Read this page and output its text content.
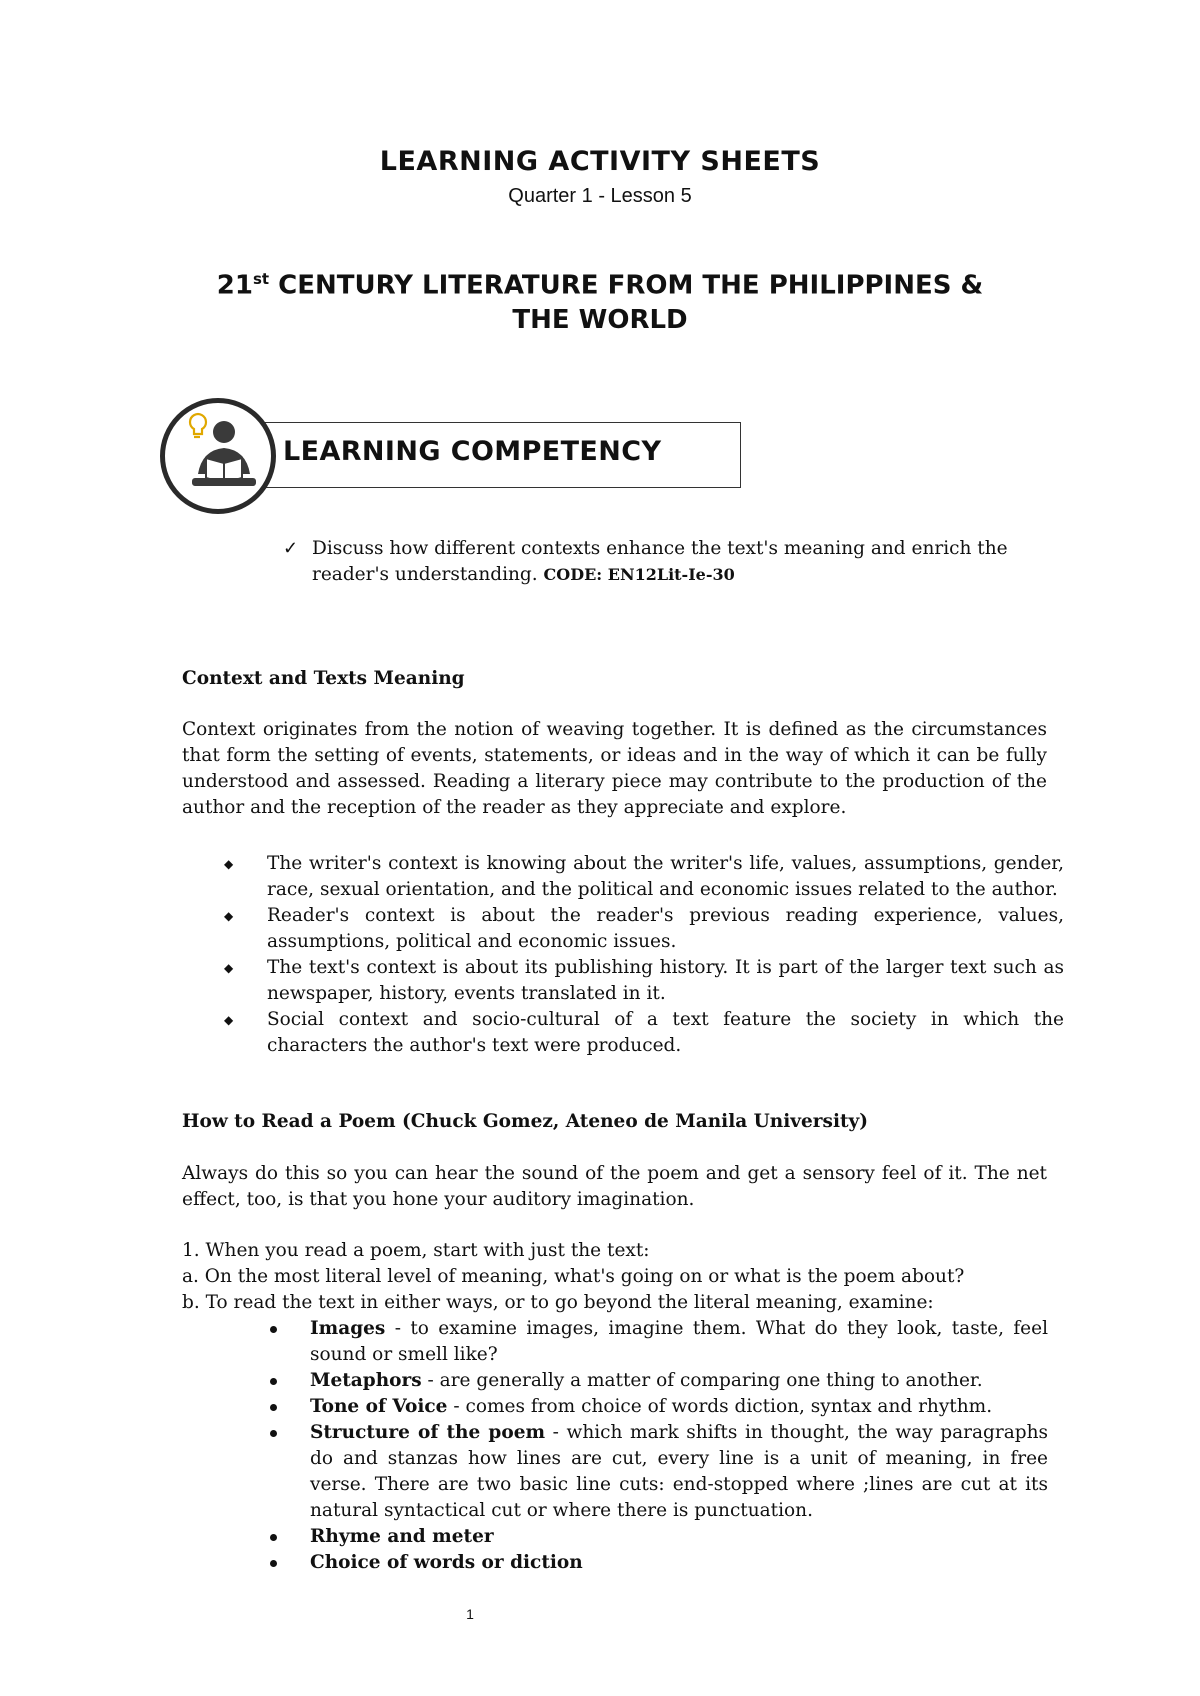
LEARNING ACTIVITY SHEETS
Quarter 1 - Lesson 5
21st CENTURY LITERATURE FROM THE PHILIPPINES &
THE WORLD
LEARNING COMPETENCY
✓ Discuss how different contexts enhance the text's meaning and enrich the reader's understanding. CODE: EN12Lit-Ie-30
Context and Texts Meaning
Context originates from the notion of weaving together. It is defined as the circumstances that form the setting of events, statements, or ideas and in the way of which it can be fully understood and assessed. Reading a literary piece may contribute to the production of the author and the reception of the reader as they appreciate and explore.
◆ The writer's context is knowing about the writer's life, values, assumptions, gender, race, sexual orientation, and the political and economic issues related to the author.
◆ Reader's context is about the reader's previous reading experience, values, assumptions, political and economic issues.
◆ The text's context is about its publishing history. It is part of the larger text such as newspaper, history, events translated in it.
◆ Social context and socio-cultural of a text feature the society in which the characters the author's text were produced.
How to Read a Poem (Chuck Gomez, Ateneo de Manila University)
Always do this so you can hear the sound of the poem and get a sensory feel of it. The net effect, too, is that you hone your auditory imagination.
1. When you read a poem, start with just the text:
a. On the most literal level of meaning, what's going on or what is the poem about?
b. To read the text in either ways, or to go beyond the literal meaning, examine:
Images - to examine images, imagine them. What do they look, taste, feel sound or smell like?
Metaphors - are generally a matter of comparing one thing to another.
Tone of Voice - comes from choice of words diction, syntax and rhythm.
Structure of the poem - which mark shifts in thought, the way paragraphs do and stanzas how lines are cut, every line is a unit of meaning, in free verse. There are two basic line cuts: end-stopped where ;lines are cut at its natural syntactical cut or where there is punctuation.
Rhyme and meter
Choice of words or diction
1
